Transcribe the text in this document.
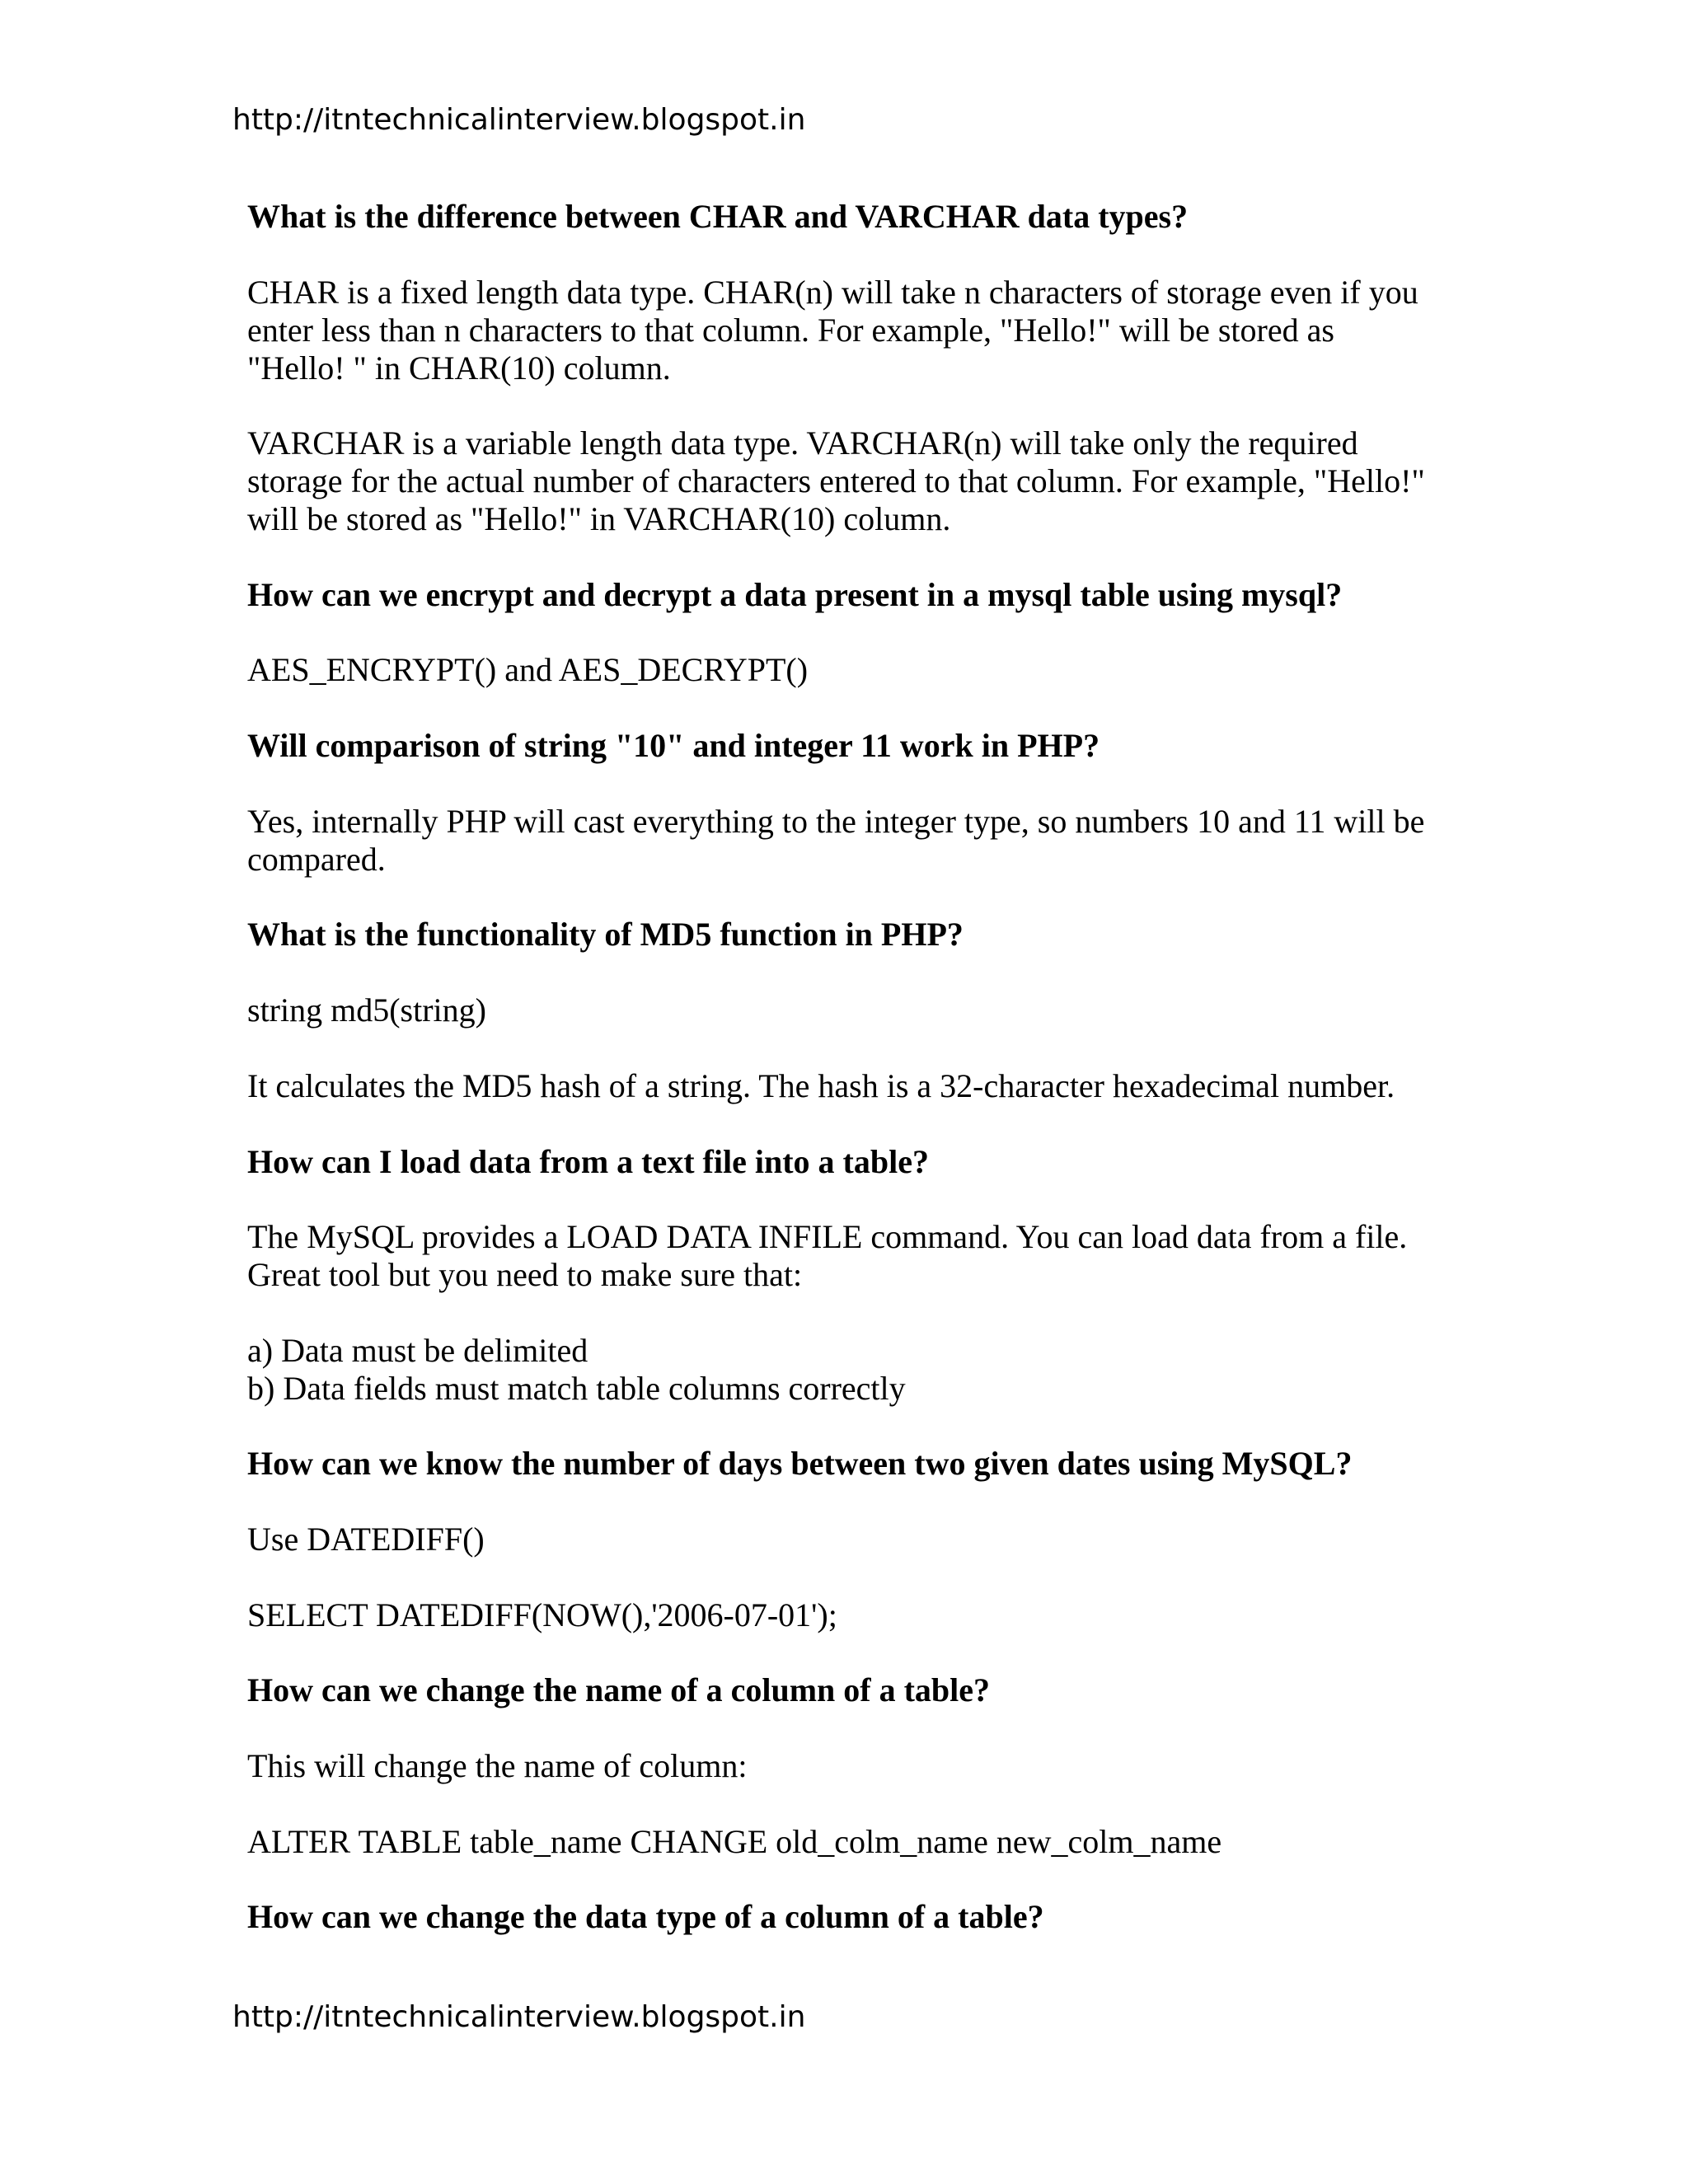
http://itntechnicalinterview.blogspot.in
What is the difference between CHAR and VARCHAR data types?
CHAR is a fixed length data type. CHAR(n) will take n characters of storage even if you
enter less than n characters to that column. For example, "Hello!" will be stored as
"Hello! " in CHAR(10) column.
VARCHAR is a variable length data type. VARCHAR(n) will take only the required
storage for the actual number of characters entered to that column. For example, "Hello!"
will be stored as "Hello!" in VARCHAR(10) column.
How can we encrypt and decrypt a data present in a mysql table using mysql?
AES_ENCRYPT() and AES_DECRYPT()
Will comparison of string "10" and integer 11 work in PHP?
Yes, internally PHP will cast everything to the integer type, so numbers 10 and 11 will be
compared.
What is the functionality of MD5 function in PHP?
string md5(string)
It calculates the MD5 hash of a string. The hash is a 32-character hexadecimal number.
How can I load data from a text file into a table?
The MySQL provides a LOAD DATA INFILE command. You can load data from a file.
Great tool but you need to make sure that:
a) Data must be delimited
b) Data fields must match table columns correctly
How can we know the number of days between two given dates using MySQL?
Use DATEDIFF()
SELECT DATEDIFF(NOW(),'2006-07-01');
How can we change the name of a column of a table?
This will change the name of column:
ALTER TABLE table_name CHANGE old_colm_name new_colm_name
How can we change the data type of a column of a table?
http://itntechnicalinterview.blogspot.in
